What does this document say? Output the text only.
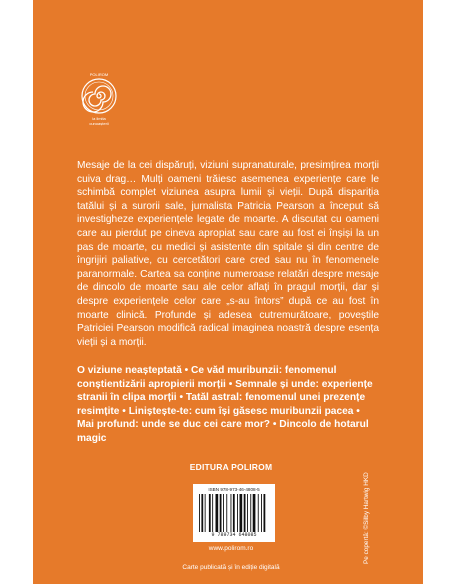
POLIROM
la limita
cunoașterii

Mesaje de la cei dispăruți, viziuni supranaturale, presimțirea morții cuiva drag… Mulți oameni trăiesc asemenea experiențe care le schimbă complet viziunea asupra lumii și vieții. După dispariția tatălui și a surorii sale, jurnalista Patricia Pearson a început să investigheze experiențele legate de moarte. A discutat cu oameni care au pierdut pe cineva apropiat sau care au fost ei înșiși la un pas de moarte, cu medici și asistente din spitale și din centre de îngrijiri paliative, cu cercetători care cred sau nu în fenomenele paranormale. Cartea sa conține numeroase relatări despre mesaje de dincolo de moarte sau ale celor aflați în pragul morții, dar și despre experiențele celor care „s-au întors” după ce au fost în moarte clinică. Profunde și adesea cutremurătoare, poveștile Patriciei Pearson modifică radical imaginea noastră despre esența vieții și a morții.

O viziune neașteptată • Ce văd muribunzii: fenomenul conștientizării apropierii morții • Semnale și unde: experiențe stranii în clipa morții • Tatăl astral: fenomenul unei prezențe resimțite • Liniștește-te: cum își găsesc muribunzii pacea • Mai profund: unde se duc cei care mor? • Dincolo de hotarul magic

EDITURA POLIROM
ISBN 978-973-46-4808-5
9 789734 648085
www.polirom.ro
Carte publicată și în ediție digitală
Pe copertă: ©Silby Hartwig HKD
